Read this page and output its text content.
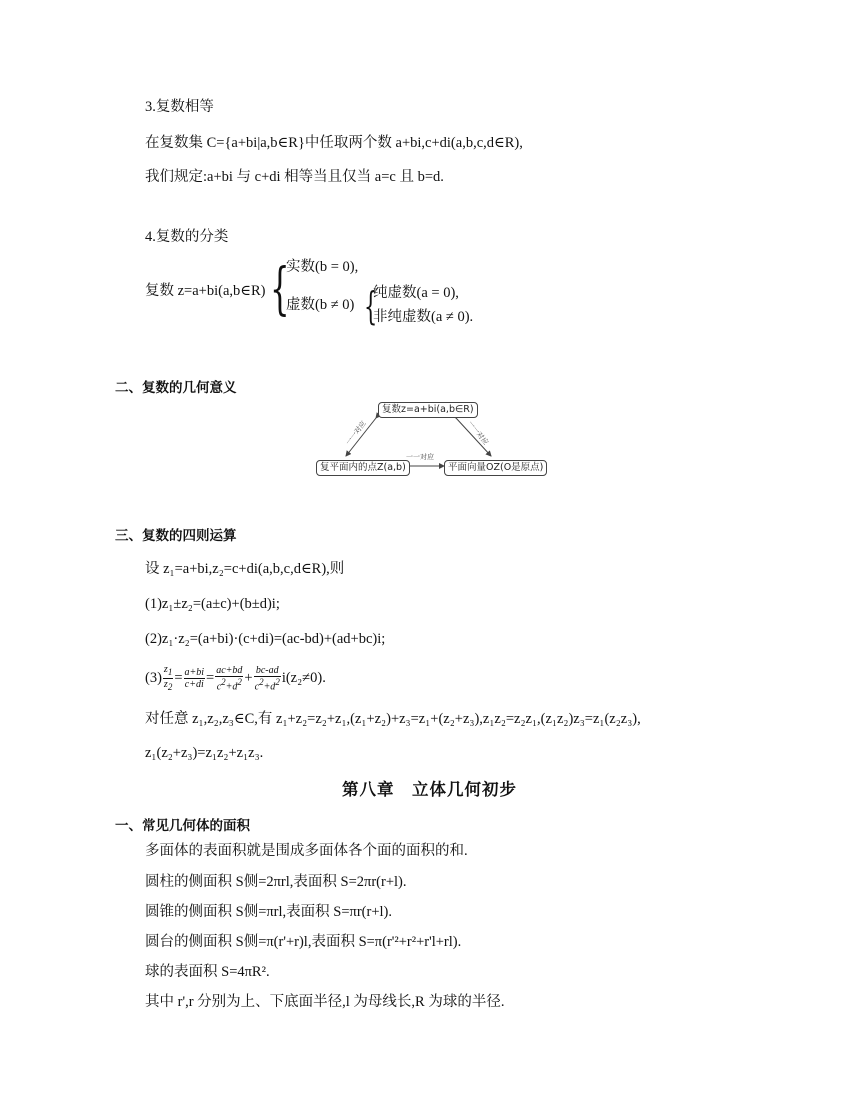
3.复数相等
在复数集 C={a+bi|a,b∈R}中任取两个数 a+bi,c+di(a,b,c,d∈R),
我们规定:a+bi 与 c+di 相等当且仅当 a=c 且 b=d.
4.复数的分类
复数 z=a+bi(a,b∈R) {
实数(b = 0),
虚数(b ≠ 0) {
纯虚数(a = 0),
非纯虚数(a ≠ 0).
二、复数的几何意义
复数z=a+bi(a,b∈R)
复平面内的点Z(a,b)	平面向量OZ(O是原点)
一一对应
一一对应	一一对应
三、复数的四则运算
设 z₁=a+bi,z₂=c+di(a,b,c,d∈R),则
(1)z₁±z₂=(a±c)+(b±d)i;
(2)z₁·z₂=(a+bi)·(c+di)=(ac-bd)+(ad+bc)i;
$(3) \frac{z_1}{z_2} = \frac{a+bi}{c+di} = \frac{ac+bd}{c^2+d^2} + \frac{bc-ad}{c^2+d^2} i(z_2\ne 0)$.
对任意 z₁,z₂,z₃∈C,有 z₁+z₂=z₂+z₁,(z₁+z₂)+z₃=z₁+(z₂+z₃),z₁z₂=z₂z₁,(z₁z₂)z₃=z₁(z₂z₃),
z₁(z₂+z₃)=z₁z₂+z₁z₃.
第八章　立体几何初步
一、常见几何体的面积
多面体的表面积就是围成多面体各个面的面积的和.
圆柱的侧面积 S侧=2πrl,表面积 S=2πr(r+l).
圆锥的侧面积 S侧=πrl,表面积 S=πr(r+l).
圆台的侧面积 S侧=π(r'+r)l,表面积 S=π(r'²+r²+r'l+rl).
球的表面积 S=4πR².
其中 r',r 分别为上、下底面半径,l 为母线长,R 为球的半径.
